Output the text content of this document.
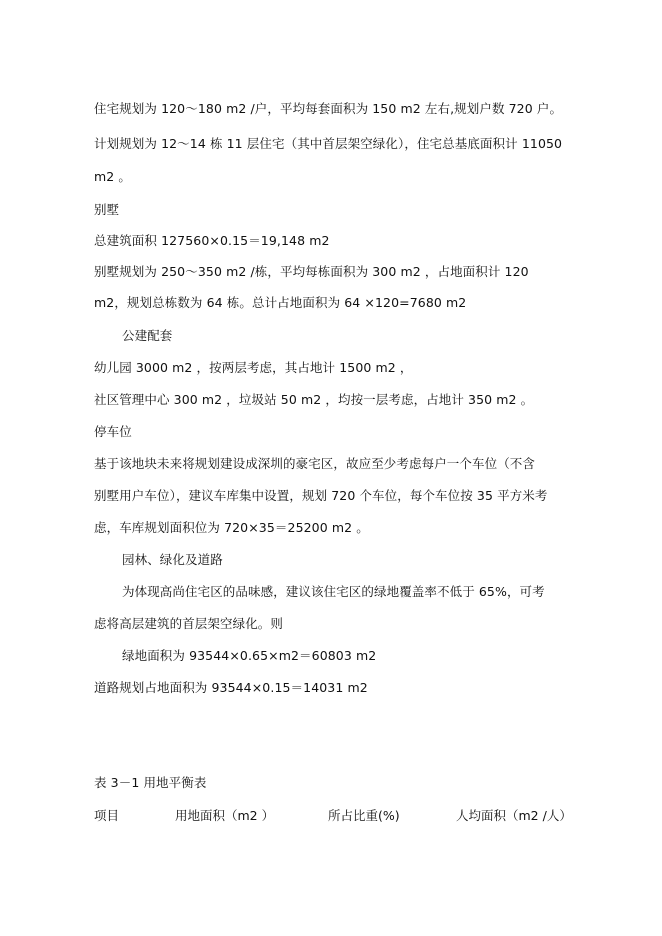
住宅规划为 120～180 m2 /户，平均每套面积为 150 m2 左右,规划户数 720 户。
计划规划为 12～14 栋 11 层住宅（其中首层架空绿化），住宅总基底面积计 11050
m2 。
别墅
总建筑面积 127560×0.15＝19,148 m2
别墅规划为 250～350 m2 /栋，平均每栋面积为 300 m2 ，占地面积计 120
m2，规划总栋数为 64 栋。总计占地面积为 64 ×120=7680 m2
公建配套
幼儿园 3000 m2 ，按两层考虑，其占地计 1500 m2 ，
社区管理中心 300 m2 ，垃圾站 50 m2 ，均按一层考虑，占地计 350 m2 。
停车位
基于该地块未来将规划建设成深圳的豪宅区，故应至少考虑每户一个车位（不含
别墅用户车位），建议车库集中设置，规划 720 个车位，每个车位按 35 平方米考
虑，车库规划面积位为 720×35＝25200 m2 。
园林、绿化及道路
为体现高尚住宅区的品味感，建议该住宅区的绿地覆盖率不低于 65%，可考
虑将高层建筑的首层架空绿化。则
绿地面积为 93544×0.65×m2＝60803 m2
道路规划占地面积为 93544×0.15＝14031 m2
表 3－1 用地平衡表
项目	用地面积（m2 ）	所占比重(%)	人均面积（m2 /人）
